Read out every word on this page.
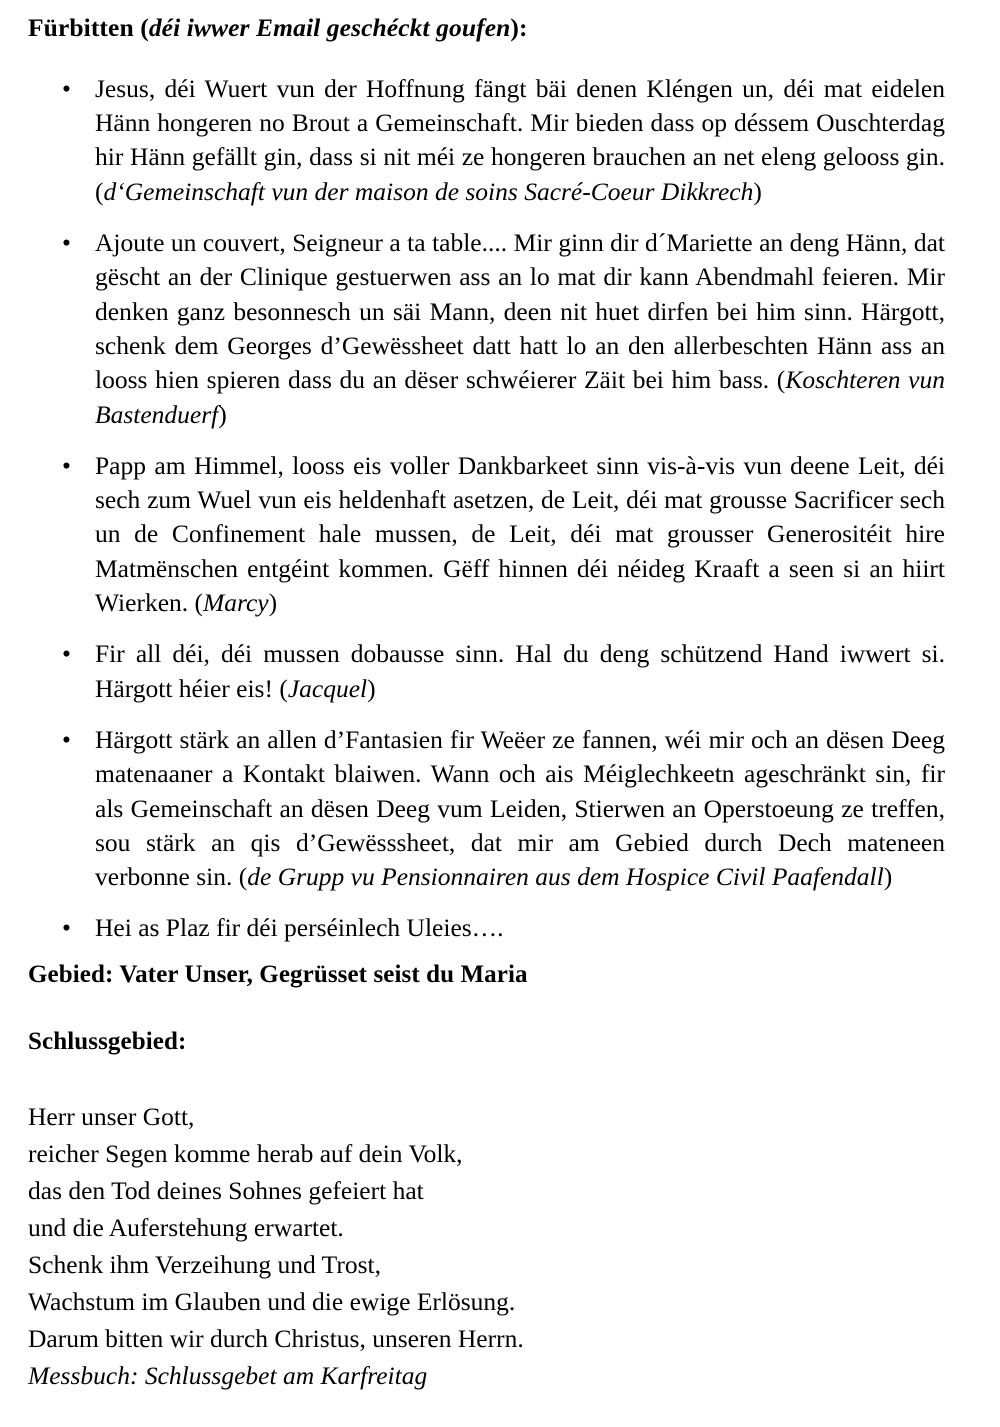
Fürbitten (déi iwwer Email geschéckt goufen):
• Jesus, déi Wuert vun der Hoffnung fängt bäi denen Kléngen un, déi mat eidelen Hänn hongeren no Brout a Gemeinschaft. Mir bieden dass op déssem Ouschterdag hir Hänn gefällt gin, dass si nit méi ze hongeren brauchen an net eleng gelooss gin. (d‘Gemeinschaft vun der maison de soins Sacré-Coeur Dikkrech)
• Ajoute un couvert, Seigneur a ta table.... Mir ginn dir d´Mariette an deng Hänn, dat gëscht an der Clinique gestuerwen ass an lo mat dir kann Abendmahl feieren. Mir denken ganz besonnesch un säi Mann, deen nit huet dirfen bei him sinn. Härgott, schenk dem Georges d’Gewëssheet datt hatt lo an den allerbeschten Hänn ass an looss hien spieren dass du an dëser schwéierer Zäit bei him bass. (Koschteren vun Bastenduerf)
• Papp am Himmel, looss eis voller Dankbarkeet sinn vis-à-vis vun deene Leit, déi sech zum Wuel vun eis heldenhaft asetzen, de Leit, déi mat grousse Sacrificer sech un de Confinement hale mussen, de Leit, déi mat grousser Generositéit hire Matmënschen entgéint kommen. Gëff hinnen déi néideg Kraaft a seen si an hiirt Wierken. (Marcy)
• Fir all déi, déi mussen dobausse sinn. Hal du deng schützend Hand iwwert si. Härgott héier eis! (Jacquel)
• Härgott stärk an allen d’Fantasien fir Weëer ze fannen, wéi mir och an dësen Deeg matenaaner a Kontakt blaiwen. Wann och ais Méiglechkeetn ageschränkt sin, fir als Gemeinschaft an dësen Deeg vum Leiden, Stierwen an Operstoeung ze treffen, sou stärk an qis d’Gewësssheet, dat mir am Gebied durch Dech mateneen verbonne sin. (de Grupp vu Pensionnairen aus dem Hospice Civil Paafendall)
• Hei as Plaz fir déi perséinlech Uleies….
Gebied: Vater Unser, Gegrüsset seist du Maria
Schlussgebied:
Herr unser Gott,
reicher Segen komme herab auf dein Volk,
das den Tod deines Sohnes gefeiert hat
und die Auferstehung erwartet.
Schenk ihm Verzeihung und Trost,
Wachstum im Glauben und die ewige Erlösung.
Darum bitten wir durch Christus, unseren Herrn.
Messbuch: Schlussgebet am Karfreitag
